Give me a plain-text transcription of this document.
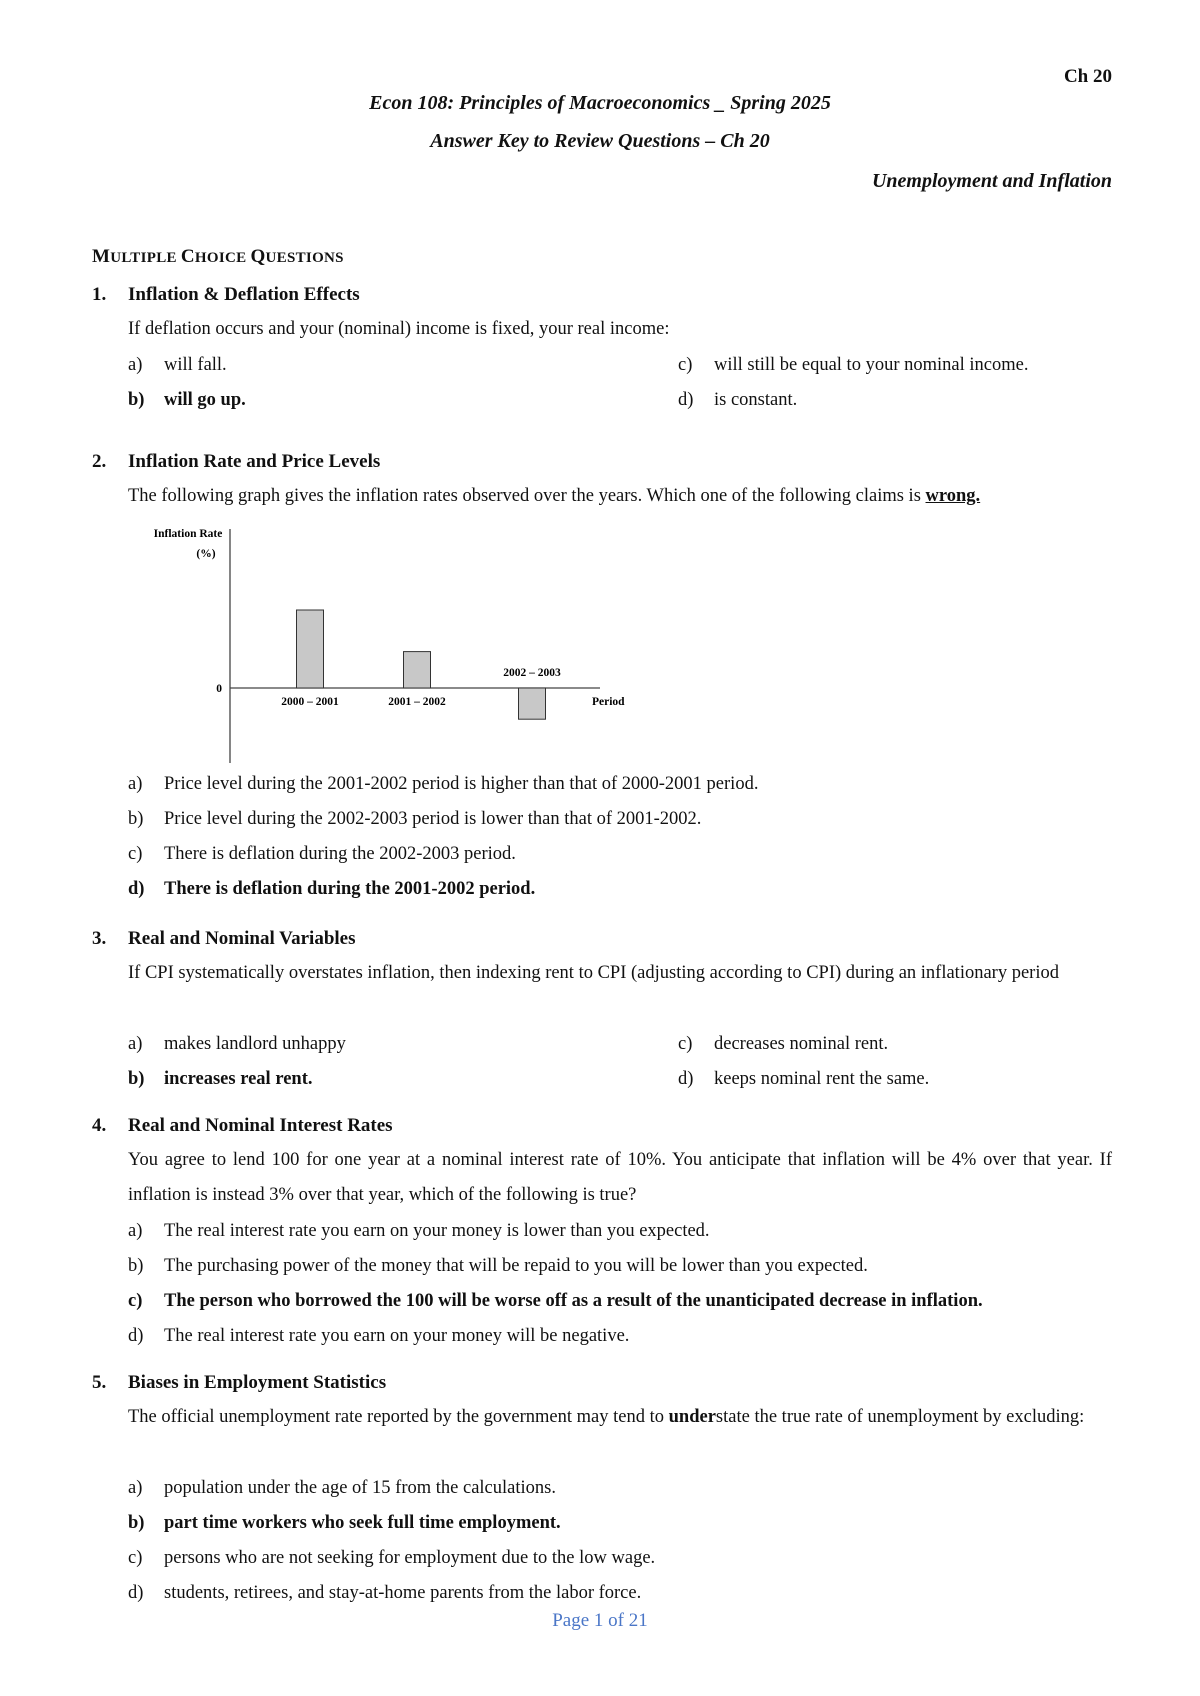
Ch 20
Econ 108: Principles of Macroeconomics _ Spring 2025
Answer Key to Review Questions – Ch 20
Unemployment and Inflation
MULTIPLE CHOICE QUESTIONS
1. Inflation & Deflation Effects
If deflation occurs and your (nominal) income is fixed, your real income:
a) will fall.
b) will go up.
c) will still be equal to your nominal income.
d) is constant.
2. Inflation Rate and Price Levels
The following graph gives the inflation rates observed over the years. Which one of the following claims is wrong.
Inflation Rate
(%)
0
Period
2000 – 2001	2001 – 2002
2002 – 2003
a) Price level during the 2001-2002 period is higher than that of 2000-2001 period.
b) Price level during the 2002-2003 period is lower than that of 2001-2002.
c) There is deflation during the 2002-2003 period.
d) There is deflation during the 2001-2002 period.
3. Real and Nominal Variables
If CPI systematically overstates inflation, then indexing rent to CPI (adjusting according to CPI) during an inflationary period
a) makes landlord unhappy
b) increases real rent.
c) decreases nominal rent.
d) keeps nominal rent the same.
4. Real and Nominal Interest Rates
You agree to lend 100 for one year at a nominal interest rate of 10%. You anticipate that inflation will be 4% over that year. If inflation is instead 3% over that year, which of the following is true?
a) The real interest rate you earn on your money is lower than you expected.
b) The purchasing power of the money that will be repaid to you will be lower than you expected.
c) The person who borrowed the 100 will be worse off as a result of the unanticipated decrease in inflation.
d) The real interest rate you earn on your money will be negative.
5. Biases in Employment Statistics
The official unemployment rate reported by the government may tend to understate the true rate of unemployment by excluding:
a) population under the age of 15 from the calculations.
b) part time workers who seek full time employment.
c) persons who are not seeking for employment due to the low wage.
d) students, retirees, and stay-at-home parents from the labor force.
Page 1 of 21
